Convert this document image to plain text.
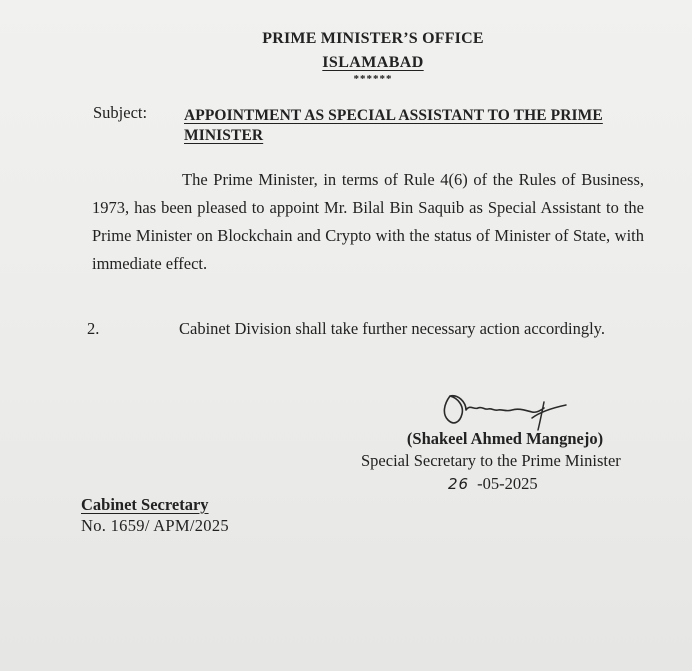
PRIME MINISTER’S OFFICE
ISLAMABAD
******
Subject: APPOINTMENT AS SPECIAL ASSISTANT TO THE PRIME MINISTER
The Prime Minister, in terms of Rule 4(6) of the Rules of Business, 1973, has been pleased to appoint Mr. Bilal Bin Saquib as Special Assistant to the Prime Minister on Blockchain and Crypto with the status of Minister of State, with immediate effect.
2.	Cabinet Division shall take further necessary action accordingly.
(Shakeel Ahmed Mangnejo)
Special Secretary to the Prime Minister
26 -05-2025
Cabinet Secretary
No. 1659/ APM/2025
